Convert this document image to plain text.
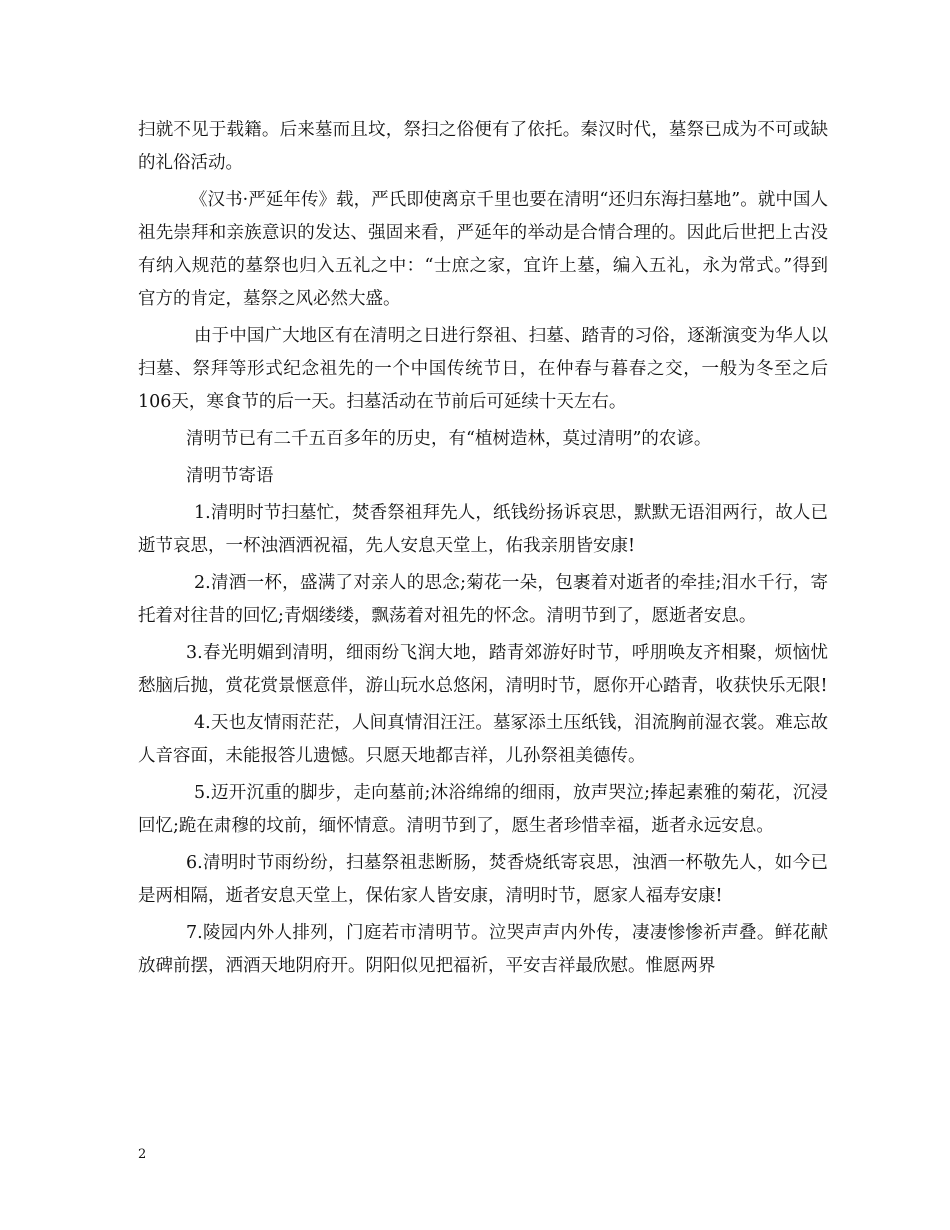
扫就不见于载籍。后来墓而且坟，祭扫之俗便有了依托。秦汉时代，墓祭已成为不可或缺的礼俗活动。

《汉书·严延年传》载，严氏即使离京千里也要在清明“还归东海扫墓地”。就中国人祖先崇拜和亲族意识的发达、强固来看，严延年的举动是合情合理的。因此后世把上古没有纳入规范的墓祭也归入五礼之中：“士庶之家，宜许上墓，编入五礼，永为常式。”得到官方的肯定，墓祭之风必然大盛。

由于中国广大地区有在清明之日进行祭祖、扫墓、踏青的习俗，逐渐演变为华人以扫墓、祭拜等形式纪念祖先的一个中国传统节日，在仲春与暮春之交，一般为冬至之后106天，寒食节的后一天。扫墓活动在节前后可延续十天左右。

清明节已有二千五百多年的历史，有“植树造林，莫过清明”的农谚。

清明节寄语

1.清明时节扫墓忙，焚香祭祖拜先人，纸钱纷扬诉哀思，默默无语泪两行，故人已逝节哀思，一杯浊酒洒祝福，先人安息天堂上，佑我亲朋皆安康!

2.清酒一杯，盛满了对亲人的思念;菊花一朵，包裹着对逝者的牵挂;泪水千行，寄托着对往昔的回忆;青烟缕缕，飘荡着对祖先的怀念。清明节到了，愿逝者安息。

3.春光明媚到清明，细雨纷飞润大地，踏青郊游好时节，呼朋唤友齐相聚，烦恼忧愁脑后抛，赏花赏景惬意伴，游山玩水总悠闲，清明时节，愿你开心踏青，收获快乐无限!

4.天也友情雨茫茫，人间真情泪汪汪。墓冢添土压纸钱，泪流胸前湿衣裳。难忘故人音容面，未能报答儿遗憾。只愿天地都吉祥，儿孙祭祖美德传。

5.迈开沉重的脚步，走向墓前;沐浴绵绵的细雨，放声哭泣;捧起素雅的菊花，沉浸回忆;跪在肃穆的坟前，缅怀情意。清明节到了，愿生者珍惜幸福，逝者永远安息。

6.清明时节雨纷纷，扫墓祭祖悲断肠，焚香烧纸寄哀思，浊酒一杯敬先人，如今已是两相隔，逝者安息天堂上，保佑家人皆安康，清明时节，愿家人福寿安康!

7.陵园内外人排列，门庭若市清明节。泣哭声声内外传，凄凄惨惨祈声叠。鲜花献放碑前摆，洒酒天地阴府开。阴阳似见把福祈，平安吉祥最欣慰。惟愿两界

2
